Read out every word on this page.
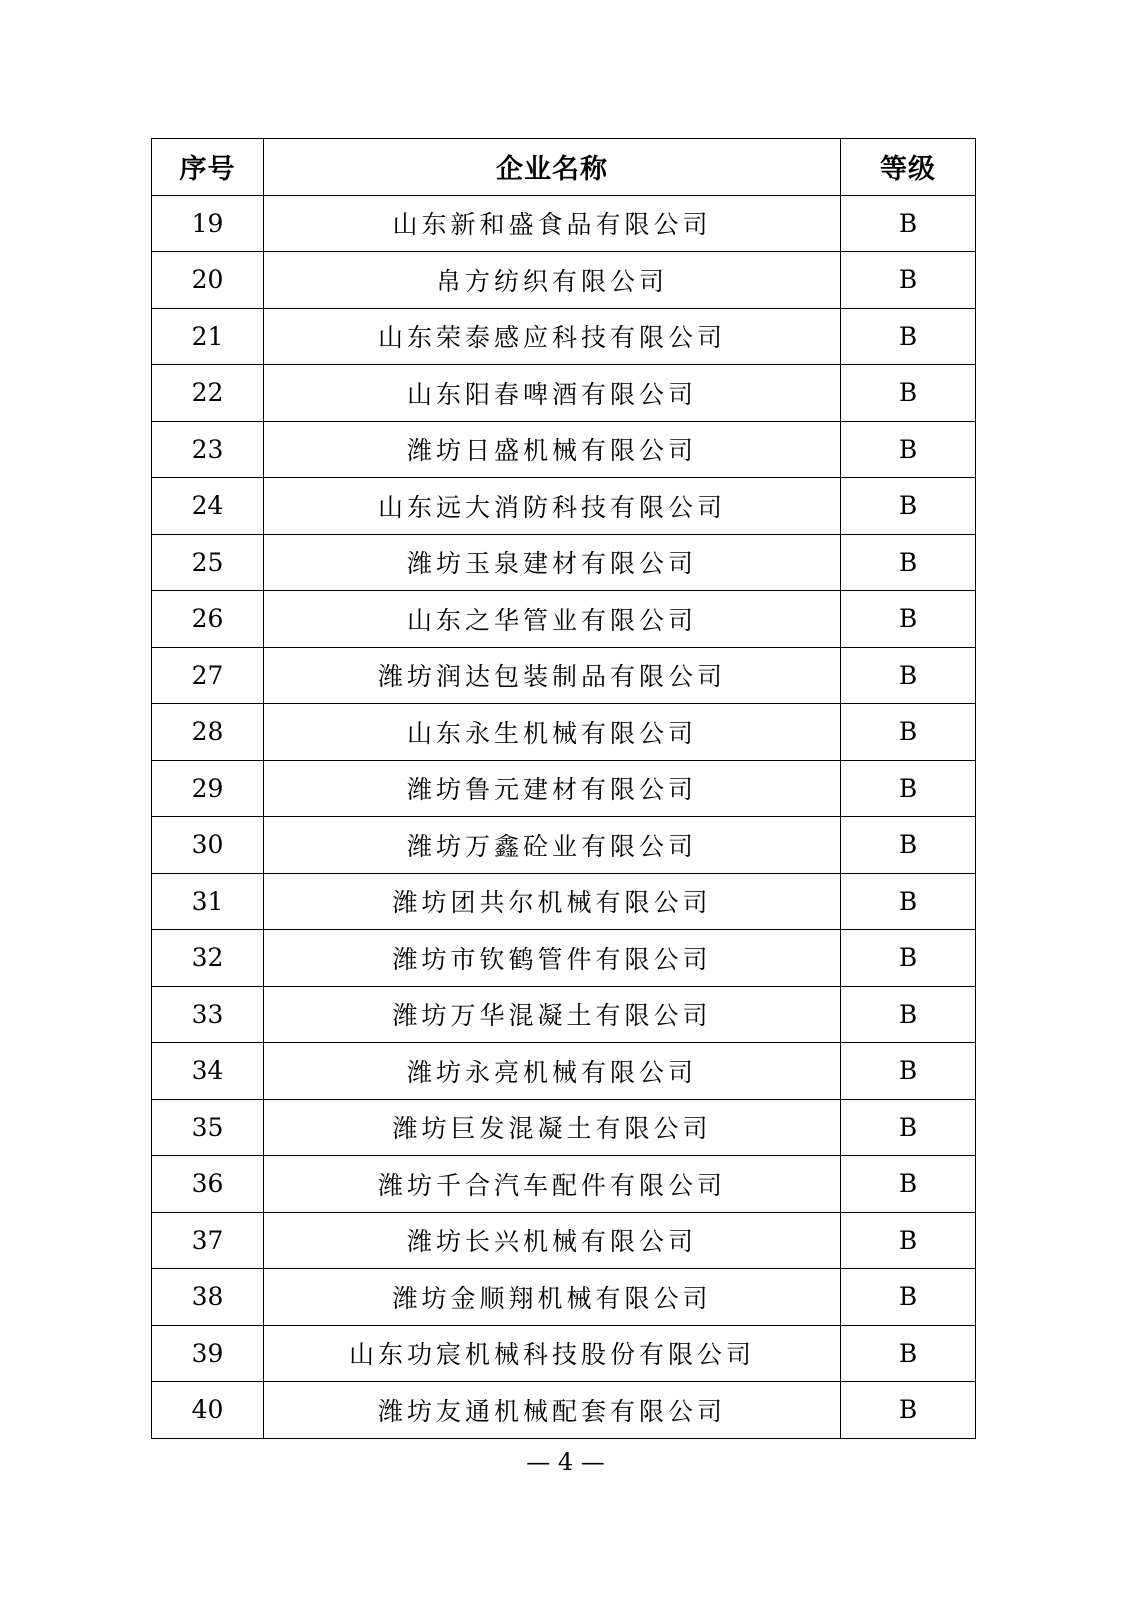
序号	企业名称	等级
19	山东新和盛食品有限公司	B
20	帛方纺织有限公司	B
21	山东荣泰感应科技有限公司	B
22	山东阳春啤酒有限公司	B
23	潍坊日盛机械有限公司	B
24	山东远大消防科技有限公司	B
25	潍坊玉泉建材有限公司	B
26	山东之华管业有限公司	B
27	潍坊润达包装制品有限公司	B
28	山东永生机械有限公司	B
29	潍坊鲁元建材有限公司	B
30	潍坊万鑫砼业有限公司	B
31	潍坊团共尔机械有限公司	B
32	潍坊市钦鹤管件有限公司	B
33	潍坊万华混凝土有限公司	B
34	潍坊永亮机械有限公司	B
35	潍坊巨发混凝土有限公司	B
36	潍坊千合汽车配件有限公司	B
37	潍坊长兴机械有限公司	B
38	潍坊金顺翔机械有限公司	B
39	山东功宸机械科技股份有限公司	B
40	潍坊友通机械配套有限公司	B
— 4 —
